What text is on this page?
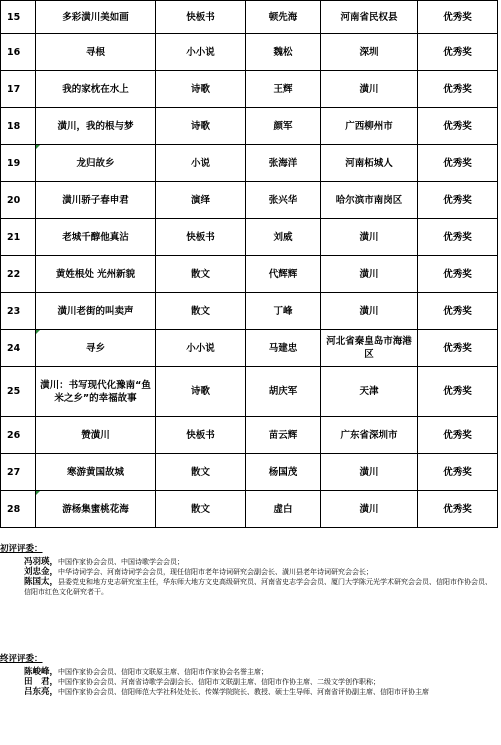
15	多彩潢川美如画	快板书	顿先海	河南省民权县	优秀奖
16	寻根	小小说	魏松	深圳	优秀奖
17	我的家枕在水上	诗歌	王辉	潢川	优秀奖
18	潢川，我的根与梦	诗歌	颜军	广西柳州市	优秀奖
19	龙归故乡	小说	张海洋	河南柘城人	优秀奖
20	潢川骄子春申君	演绎	张兴华	哈尔滨市南岗区	优秀奖
21	老城千醇他真沾	快板书	刘威	潢川	优秀奖
22	黄姓根处 光州新貌	散文	代辉辉	潢川	优秀奖
23	潢川老街的叫卖声	散文	丁峰	潢川	优秀奖
24	寻乡	小小说	马建忠	河北省秦皇岛市海港区	优秀奖
25	潢川：书写现代化豫南“鱼米之乡”的幸福故事	诗歌	胡庆军	天津	优秀奖
26	赞潢川	快板书	苗云辉	广东省深圳市	优秀奖
27	寒游黄国故城	散文	杨国茂	潢川	优秀奖
28	游杨集蜜桃花海	散文	虚白	潢川	优秀奖
初评评委：

冯羽瑛，中国作家协会会员、中国诗歌学会会员；

刘忠金，中华诗词学会、河南诗词学会会员，现任信阳市老年诗词研究会副会长、潢川县老年诗词研究会会长；

陈国太，县委党史和地方史志研究室主任，华东师大地方文史高级研究员、河南省史志学会会员、厦门大学陈元光学术研究会会员、信阳市作协会员、信阳市红色文化研究者干。

终评评委：

陈峻峰，中国作家协会会员、信阳市文联原主席、信阳市作家协会名誉主席；

田　君，中国作家协会会员、河南省诗歌学会副会长、信阳市文联副主席、信阳市作协主席、二级文学创作职称；

吕东亮，中国作家协会会员、信阳师范大学社科处处长、传媒学院院长、教授、硕士生导师、河南省评协副主席、信阳市评协主席
